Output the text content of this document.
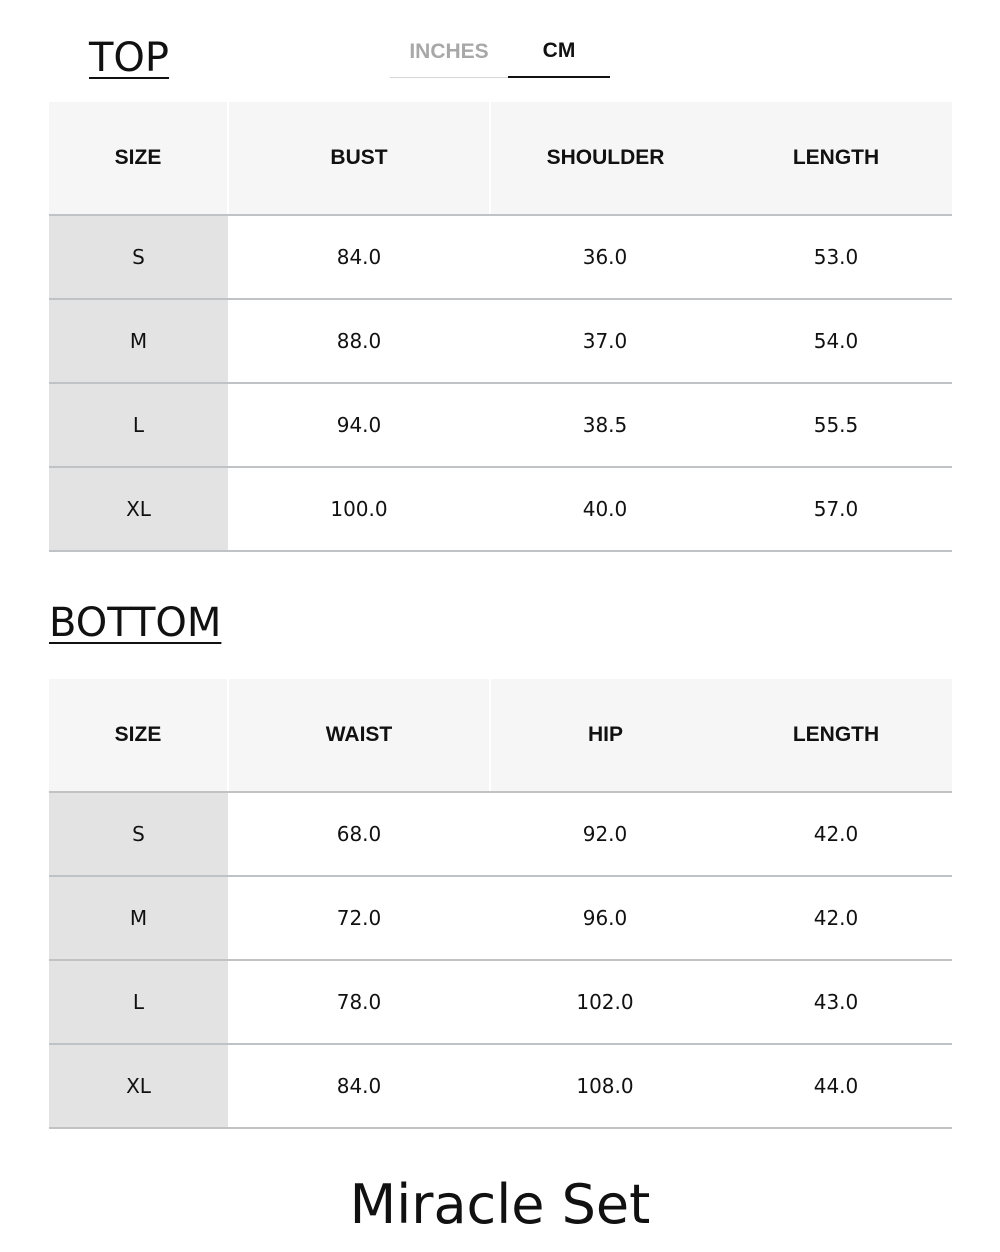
TOP	INCHES	CM
SIZE	BUST	SHOULDER	LENGTH
S	84.0	36.0	53.0
M	88.0	37.0	54.0
L	94.0	38.5	55.5
XL	100.0	40.0	57.0
BOTTOM
SIZE	WAIST	HIP	LENGTH
S	68.0	92.0	42.0
M	72.0	96.0	42.0
L	78.0	102.0	43.0
XL	84.0	108.0	44.0
Miracle Set
